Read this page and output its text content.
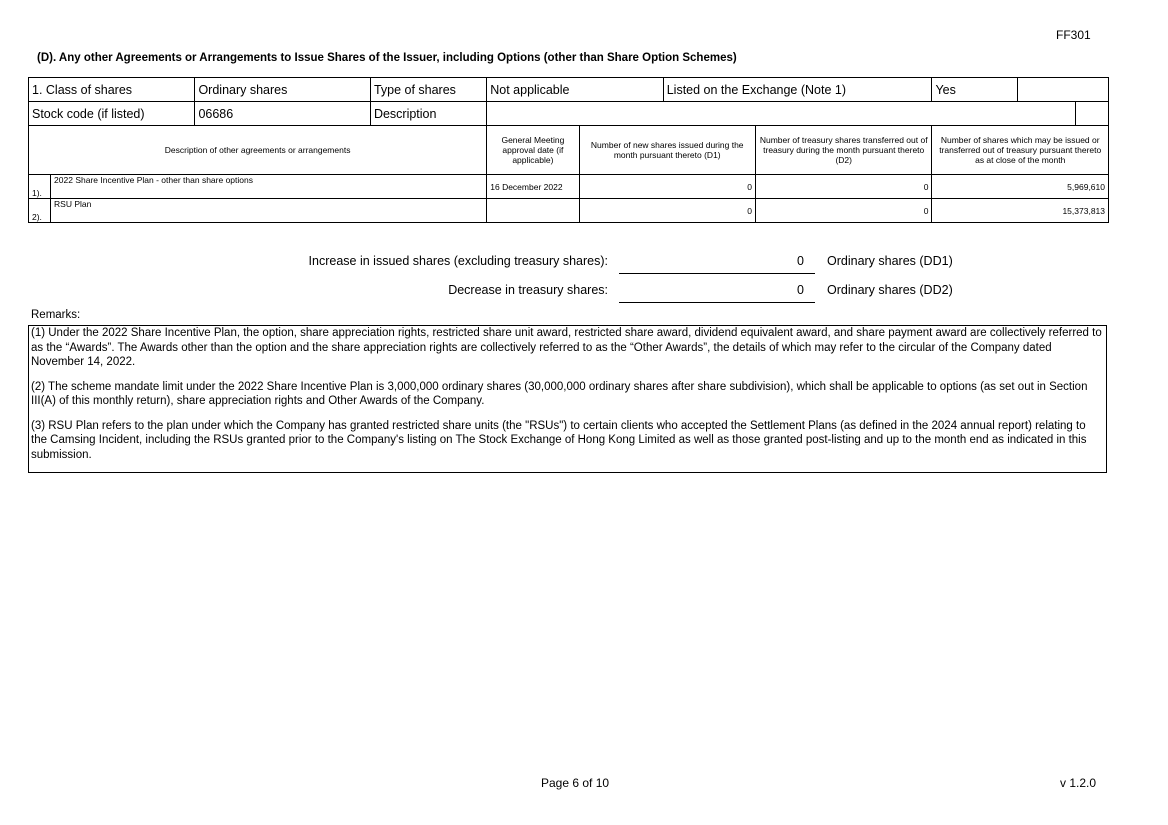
FF301
(D). Any other Agreements or Arrangements to Issue Shares of the Issuer, including Options (other than Share Option Schemes)
1. Class of shares		Ordinary shares	Type of shares	Not applicable		Listed on the Exchange (Note 1)		Yes		
Stock code (if listed)		06686	Description							
Description of other agreements or arrangements				General Meeting approval date (if applicable)	Number of new shares issued during the month pursuant thereto (D1)		Number of treasury shares transferred out of treasury during the month pursuant thereto (D2)	Number of shares which may be issued or transferred out of treasury pursuant thereto as at close of the month		
1).	2022 Share Incentive Plan - other than share options			16 December 2022	0		0	5,969,610		
2).	RSU Plan				0		0	15,373,813		
Increase in issued shares (excluding treasury shares):	0 Ordinary shares (DD1)
Decrease in treasury shares:	0 Ordinary shares (DD2)
Remarks:

(1) Under the 2022 Share Incentive Plan, the option, share appreciation rights, restricted share unit award, restricted share award, dividend equivalent award, and share payment award are collectively referred to as the “Awards”. The Awards other than the option and the share appreciation rights are collectively referred to as the “Other Awards”, the details of which may refer to the circular of the Company dated November 14, 2022.

(2) The scheme mandate limit under the 2022 Share Incentive Plan is 3,000,000 ordinary shares (30,000,000 ordinary shares after share subdivision), which shall be applicable to options (as set out in Section III(A) of this monthly return), share appreciation rights and Other Awards of the Company.

(3) RSU Plan refers to the plan under which the Company has granted restricted share units (the "RSUs") to certain clients who accepted the Settlement Plans (as defined in the 2024 annual report) relating to the Camsing Incident, including the RSUs granted prior to the Company's listing on The Stock Exchange of Hong Kong Limited as well as those granted post-listing and up to the month end as indicated in this submission.

Page 6 of 10	v 1.2.0
